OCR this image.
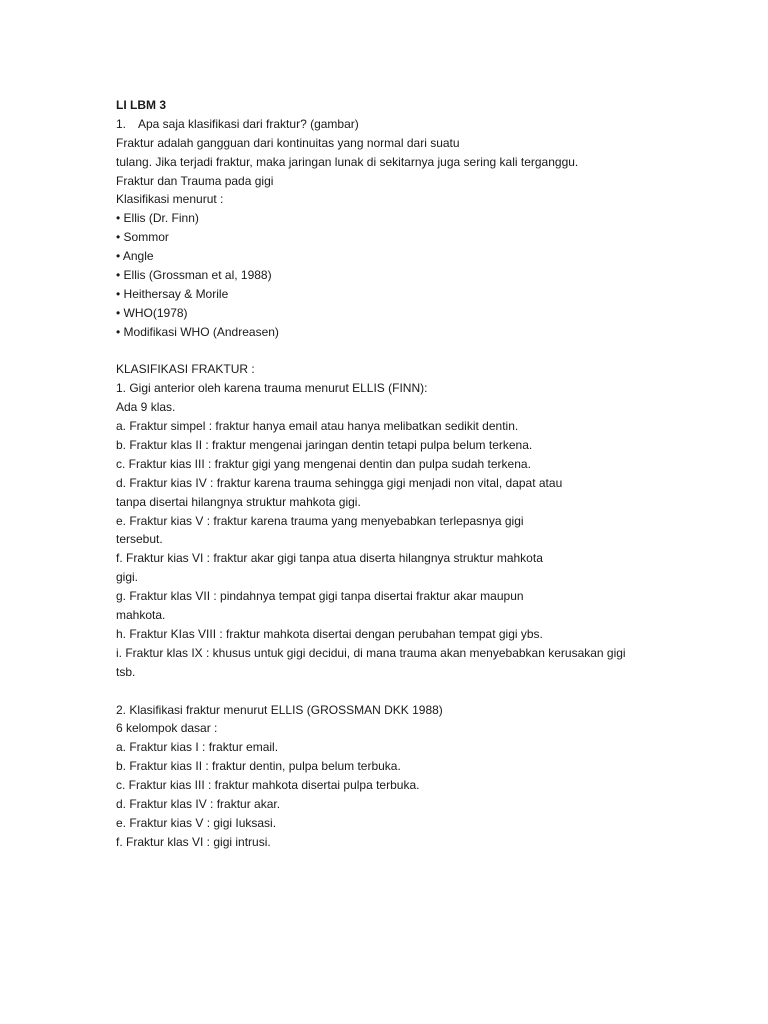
LI LBM 3
1. Apa saja klasifikasi dari fraktur? (gambar)
Fraktur adalah gangguan dari kontinuitas yang normal dari suatu
tulang. Jika terjadi fraktur, maka jaringan lunak di sekitarnya juga sering kali terganggu.
Fraktur dan Trauma pada gigi
Klasifikasi menurut :
• Ellis (Dr. Finn)
• Sommor
• Angle
• Ellis (Grossman et al, 1988)
• Heithersay & Morile
• WHO(1978)
• Modifikasi WHO (Andreasen)
KLASIFIKASI FRAKTUR :
1. Gigi anterior oleh karena trauma menurut ELLIS (FINN):
Ada 9 klas.
a. Fraktur simpel : fraktur hanya email atau hanya melibatkan sedikit dentin.
b. Fraktur klas II : fraktur mengenai jaringan dentin tetapi pulpa belum terkena.
c. Fraktur kias III : fraktur gigi yang mengenai dentin dan pulpa sudah terkena.
d. Fraktur kias IV : fraktur karena trauma sehingga gigi menjadi non vital, dapat atau
tanpa disertai hilangnya struktur mahkota gigi.
e. Fraktur kias V : fraktur karena trauma yang menyebabkan terlepasnya gigi
tersebut.
f. Fraktur kias VI : fraktur akar gigi tanpa atua diserta hilangnya struktur mahkota
gigi.
g. Fraktur klas VII : pindahnya tempat gigi tanpa disertai fraktur akar maupun
mahkota.
h. Fraktur KIas VIII : fraktur mahkota disertai dengan perubahan tempat gigi ybs.
i. Fraktur klas IX : khusus untuk gigi decidui, di mana trauma akan menyebabkan kerusakan gigi
tsb.
2. Klasifikasi fraktur menurut ELLIS (GROSSMAN DKK 1988)
6 kelompok dasar :
a. Fraktur kias I : fraktur email.
b. Fraktur kias II : fraktur dentin, pulpa belum terbuka.
c. Fraktur kias III : fraktur mahkota disertai pulpa terbuka.
d. Fraktur klas IV : fraktur akar.
e. Fraktur kias V : gigi Iuksasi.
f. Fraktur klas VI : gigi intrusi.
